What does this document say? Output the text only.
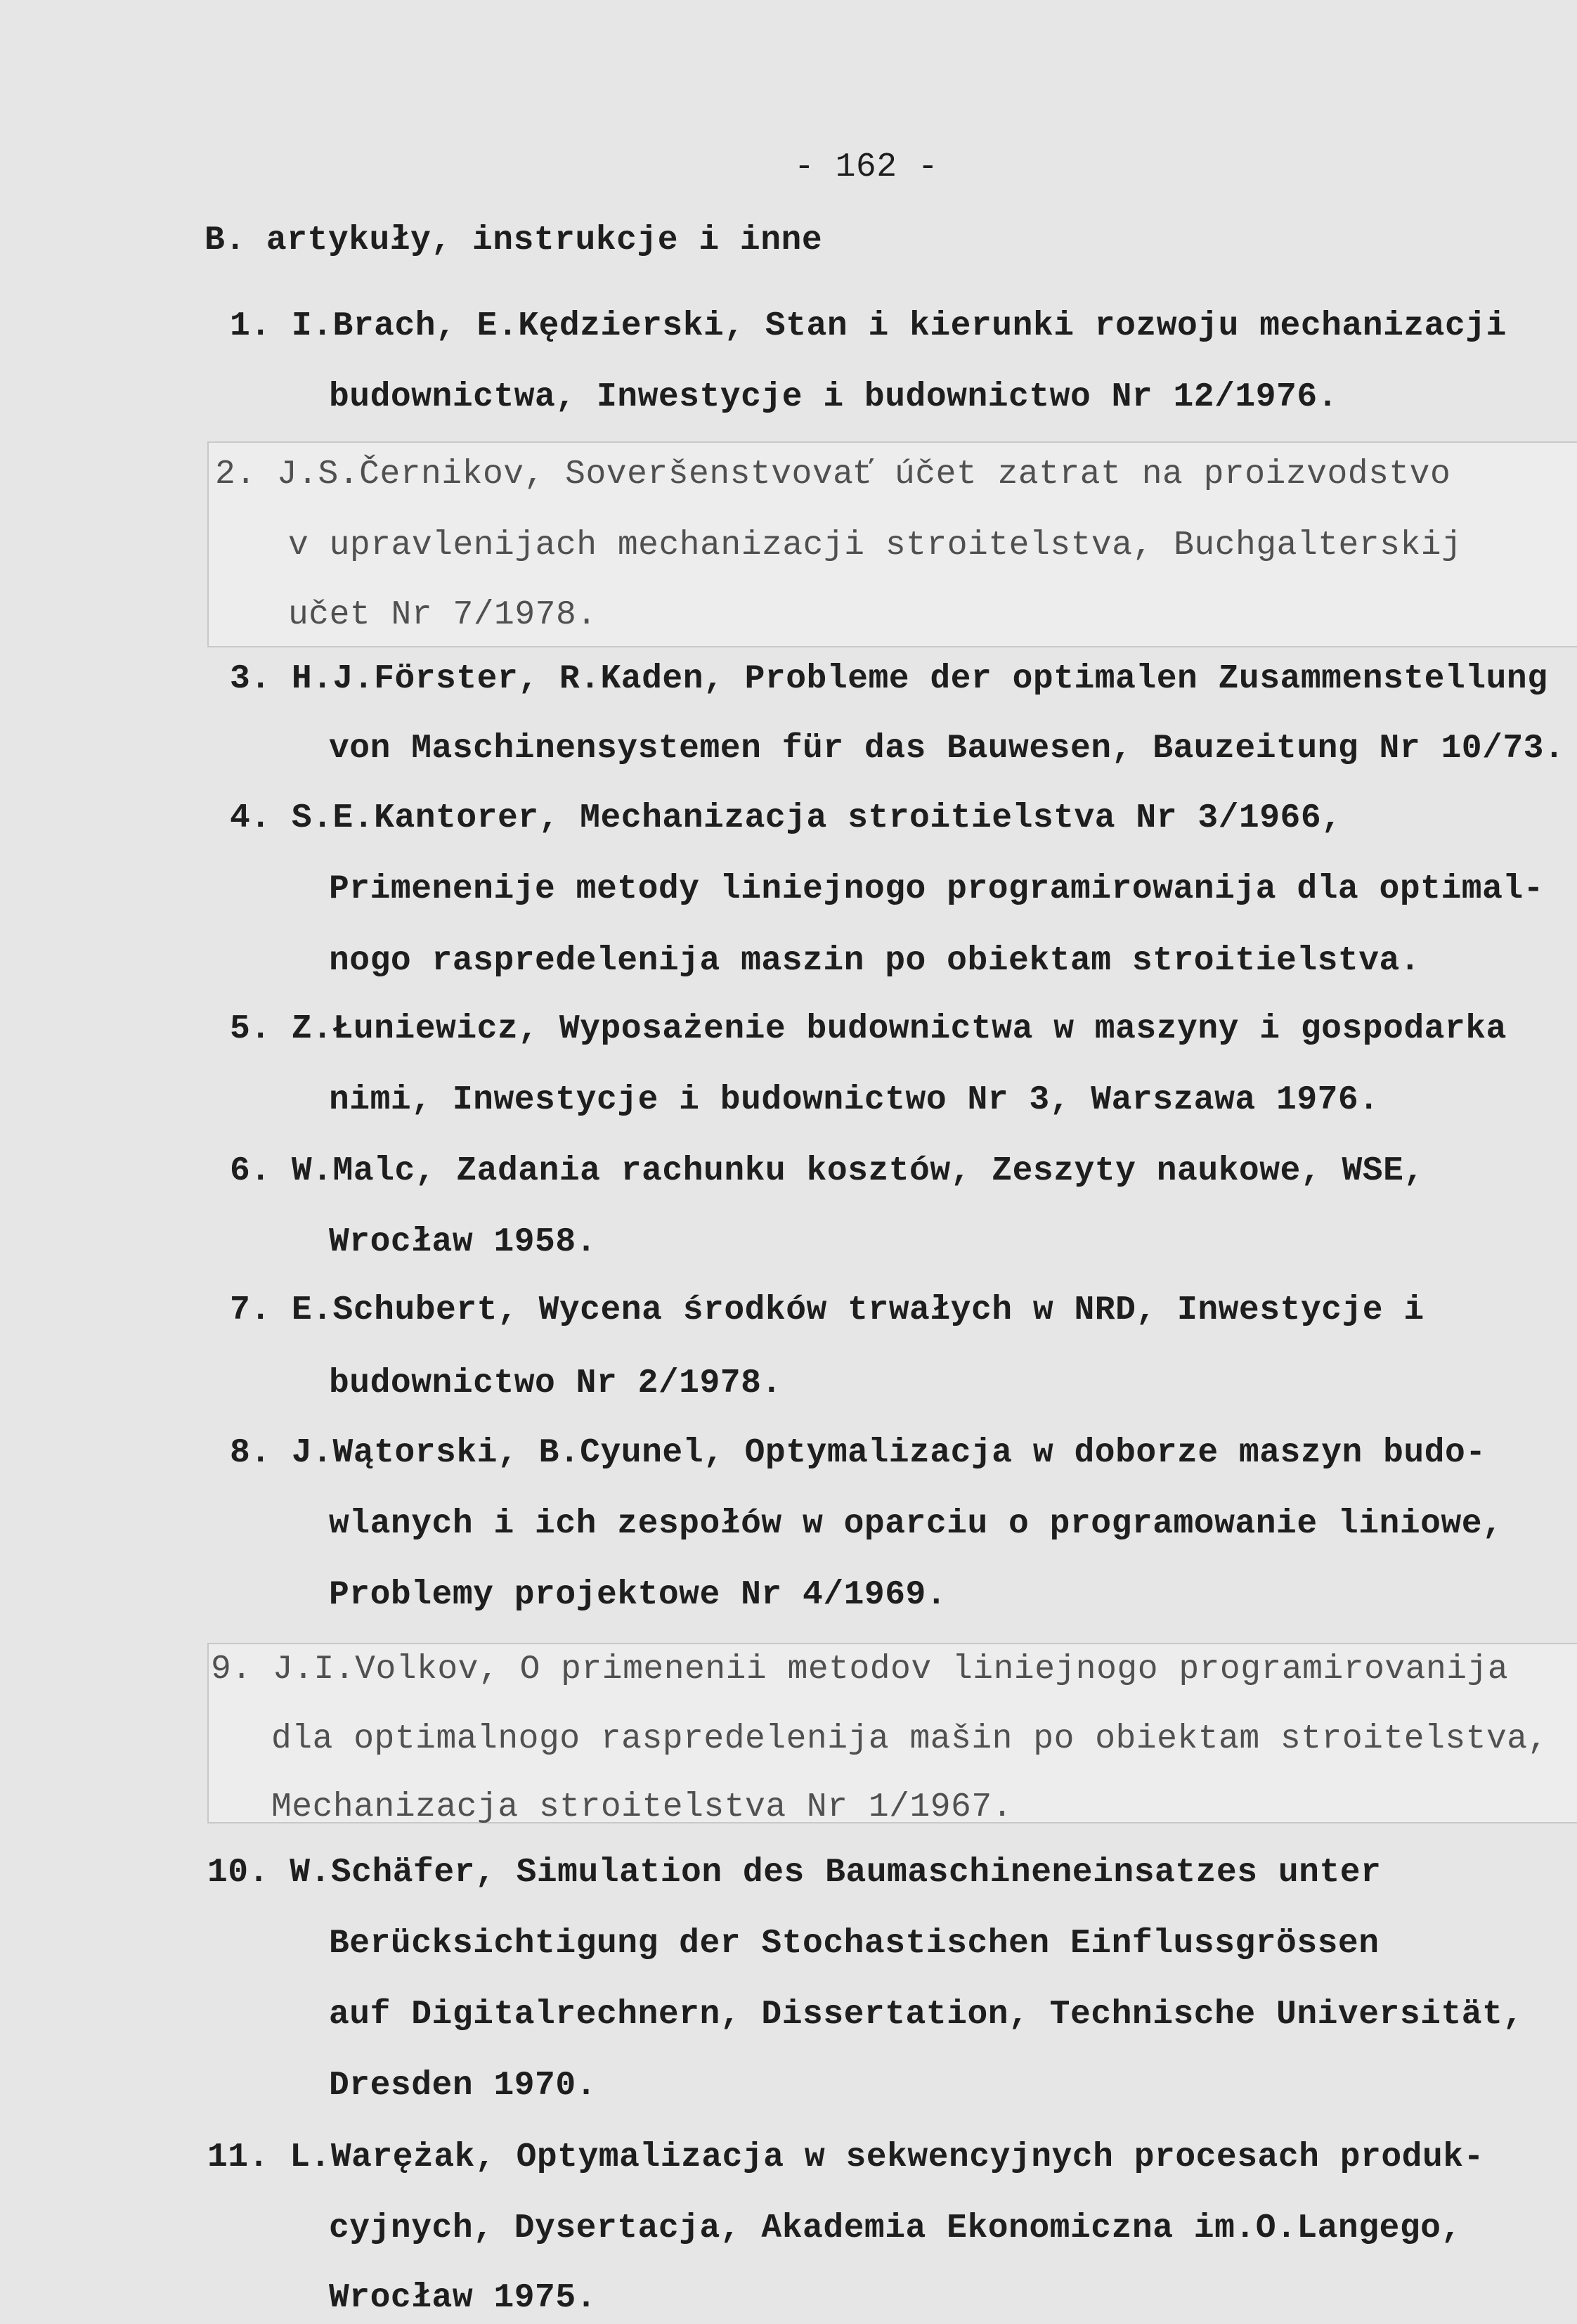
- 162 -
B. artykuły, instrukcje i inne
1. I.Brach, E.Kędzierski, Stan i kierunki rozwoju mechanizacji
budownictwa, Inwestycje i budownictwo Nr 12/1976.
2. J.S.Černikov, Soveršenstvovať účet zatrat na proizvodstvo
v upravlenijach mechanizacji stroitelstva, Buchgalterskij
učet Nr 7/1978.
3. H.J.Förster, R.Kaden, Probleme der optimalen Zusammenstellung
von Maschinensystemen für das Bauwesen, Bauzeitung Nr 10/73.
4. S.E.Kantorer, Mechanizacja stroitielstva Nr 3/1966,
Primenenije metody liniejnogo programirowanija dla optimal-
nogo raspredelenija maszin po obiektam stroitielstva.
5. Z.Łuniewicz, Wyposażenie budownictwa w maszyny i gospodarka
nimi, Inwestycje i budownictwo Nr 3, Warszawa 1976.
6. W.Malc, Zadania rachunku kosztów, Zeszyty naukowe, WSE,
Wrocław 1958.
7. E.Schubert, Wycena środków trwałych w NRD, Inwestycje i
budownictwo Nr 2/1978.
8. J.Wątorski, B.Cyunel, Optymalizacja w doborze maszyn budo-
wlanych i ich zespołów w oparciu o programowanie liniowe,
Problemy projektowe Nr 4/1969.
9. J.I.Volkov, O primenenii metodov liniejnogo programirovanija
dla optimalnogo raspredelenija mašin po obiektam stroitelstva,
Mechanizacja stroitelstva Nr 1/1967.
10. W.Schäfer, Simulation des Baumaschineneinsatzes unter
Berücksichtigung der Stochastischen Einflussgrössen
auf Digitalrechnern, Dissertation, Technische Universität,
Dresden 1970.
11. L.Warężak, Optymalizacja w sekwencyjnych procesach produk-
cyjnych, Dysertacja, Akademia Ekonomiczna im.O.Langego,
Wrocław 1975.
